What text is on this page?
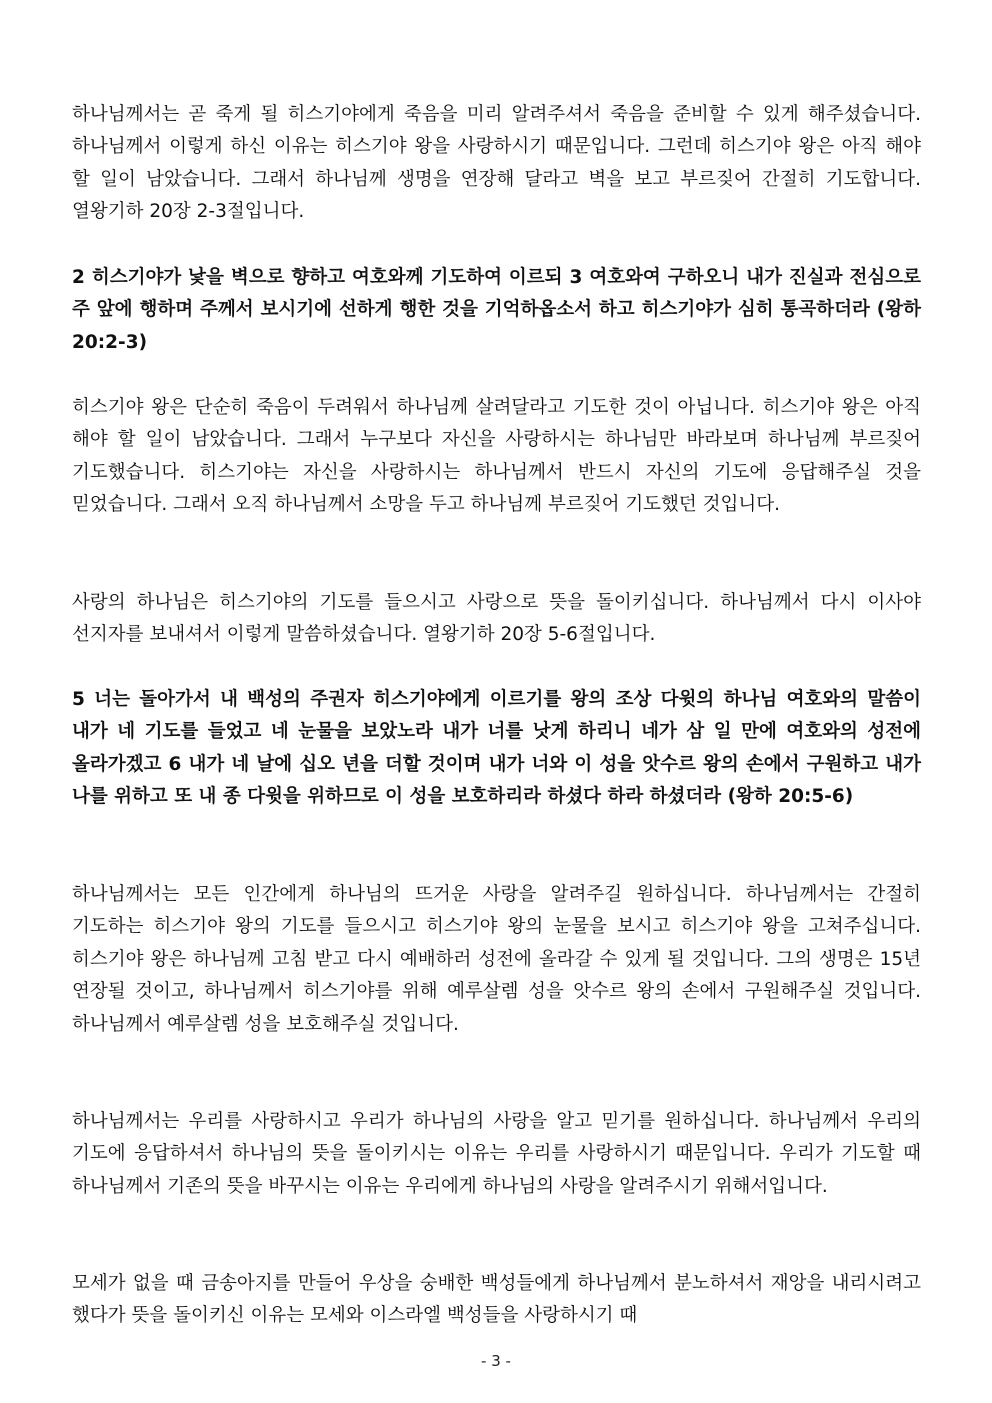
하나님께서는 곧 죽게 될 히스기야에게 죽음을 미리 알려주셔서 죽음을 준비할 수 있게 해주셨습니다. 하나님께서 이렇게 하신 이유는 히스기야 왕을 사랑하시기 때문입니다. 그런데 히스기야 왕은 아직 해야 할 일이 남았습니다. 그래서 하나님께 생명을 연장해 달라고 벽을 보고 부르짖어 간절히 기도합니다. 열왕기하 20장 2-3절입니다.

2 히스기야가 낯을 벽으로 향하고 여호와께 기도하여 이르되 3 여호와여 구하오니 내가 진실과 전심으로 주 앞에 행하며 주께서 보시기에 선하게 행한 것을 기억하옵소서 하고 히스기야가 심히 통곡하더라 (왕하 20:2-3)

히스기야 왕은 단순히 죽음이 두려워서 하나님께 살려달라고 기도한 것이 아닙니다. 히스기야 왕은 아직 해야 할 일이 남았습니다. 그래서 누구보다 자신을 사랑하시는 하나님만 바라보며 하나님께 부르짖어 기도했습니다. 히스기야는 자신을 사랑하시는 하나님께서 반드시 자신의 기도에 응답해주실 것을 믿었습니다. 그래서 오직 하나님께서 소망을 두고 하나님께 부르짖어 기도했던 것입니다.

사랑의 하나님은 히스기야의 기도를 들으시고 사랑으로 뜻을 돌이키십니다. 하나님께서 다시 이사야 선지자를 보내셔서 이렇게 말씀하셨습니다. 열왕기하 20장 5-6절입니다.

5 너는 돌아가서 내 백성의 주권자 히스기야에게 이르기를 왕의 조상 다윗의 하나님 여호와의 말씀이 내가 네 기도를 들었고 네 눈물을 보았노라 내가 너를 낫게 하리니 네가 삼 일 만에 여호와의 성전에 올라가겠고 6 내가 네 날에 십오 년을 더할 것이며 내가 너와 이 성을 앗수르 왕의 손에서 구원하고 내가 나를 위하고 또 내 종 다윗을 위하므로 이 성을 보호하리라 하셨다 하라 하셨더라 (왕하 20:5-6)

하나님께서는 모든 인간에게 하나님의 뜨거운 사랑을 알려주길 원하십니다. 하나님께서는 간절히 기도하는 히스기야 왕의 기도를 들으시고 히스기야 왕의 눈물을 보시고 히스기야 왕을 고쳐주십니다. 히스기야 왕은 하나님께 고침 받고 다시 예배하러 성전에 올라갈 수 있게 될 것입니다. 그의 생명은 15년 연장될 것이고, 하나님께서 히스기야를 위해 예루살렘 성을 앗수르 왕의 손에서 구원해주실 것입니다. 하나님께서 예루살렘 성을 보호해주실 것입니다.

하나님께서는 우리를 사랑하시고 우리가 하나님의 사랑을 알고 믿기를 원하십니다. 하나님께서 우리의 기도에 응답하셔서 하나님의 뜻을 돌이키시는 이유는 우리를 사랑하시기 때문입니다. 우리가 기도할 때 하나님께서 기존의 뜻을 바꾸시는 이유는 우리에게 하나님의 사랑을 알려주시기 위해서입니다.

모세가 없을 때 금송아지를 만들어 우상을 숭배한 백성들에게 하나님께서 분노하셔서 재앙을 내리시려고 했다가 뜻을 돌이키신 이유는 모세와 이스라엘 백성들을 사랑하시기 때

- 3 -
